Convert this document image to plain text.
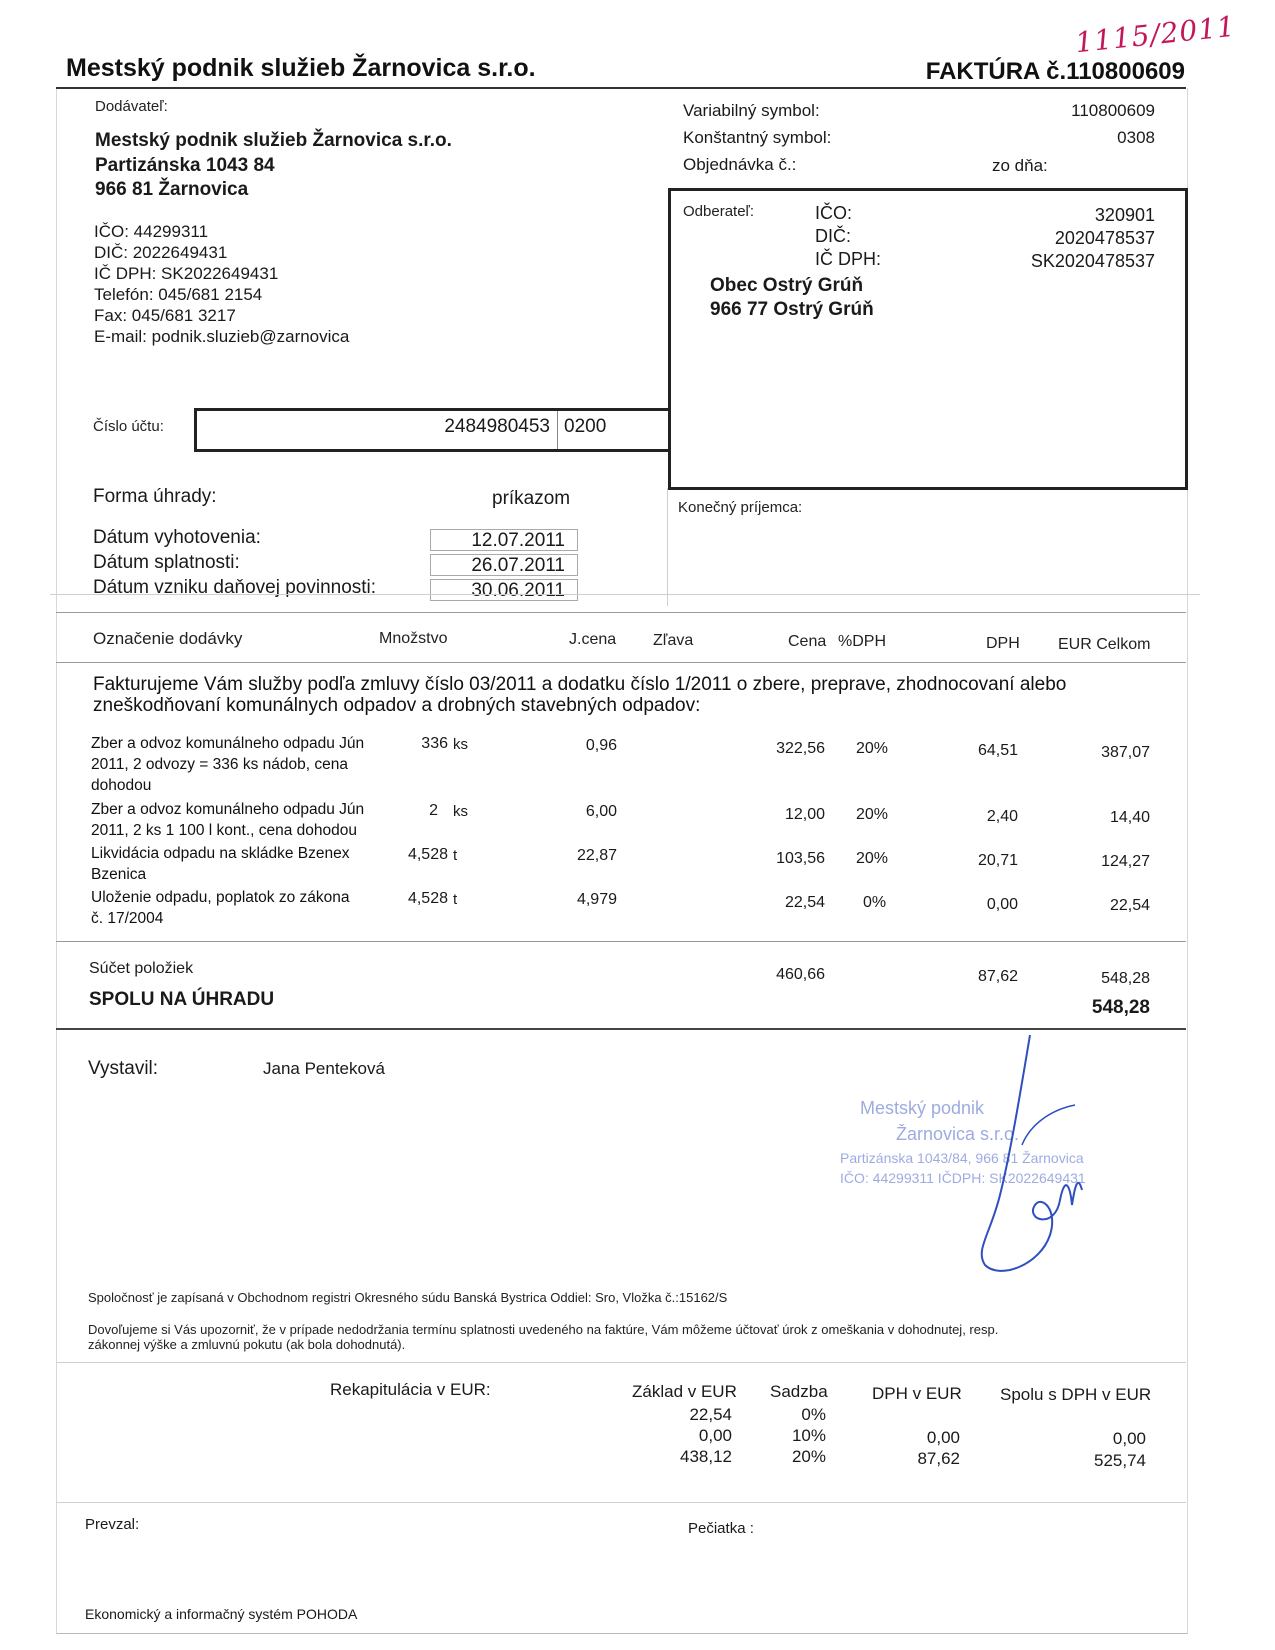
1115/2011
Mestský podnik služieb Žarnovica s.r.o.	FAKTÚRA č.110800609
Dodávateľ:
Mestský podnik služieb Žarnovica s.r.o.
Partizánska 1043 84
966 81 Žarnovica
IČO: 44299311
DIČ: 2022649431
IČ DPH: SK2022649431
Telefón: 045/681 2154
Fax: 045/681 3217
E-mail: podnik.sluzieb@zarnovica
Variabilný symbol:	110800609
Konštantný symbol:	0308
Objednávka č.:	zo dňa:
Odberateľ:	IČO:	320901
DIČ:	2020478537
IČ DPH:	SK2020478537
Obec Ostrý Grúň
966 77 Ostrý Grúň
Číslo účtu:	2484980453 0200
Forma úhrady:	príkazom
Dátum vyhotovenia:	12.07.2011
Dátum splatnosti:	26.07.2011
Dátum vzniku daňovej povinnosti:	30.06.2011
Konečný príjemca:
Označenie dodávky	Množstvo	J.cena Zľava	Cena %DPH	DPH EUR Celkom
Fakturujeme Vám služby podľa zmluvy číslo 03/2011 a dodatku číslo 1/2011 o zbere, preprave, zhodnocovaní alebo zneškodňovaní komunálnych odpadov a drobných stavebných odpadov:
Zber a odvoz komunálneho odpadu Jún
2011, 2 odvozy = 336 ks nádob, cena
dohodou
336 ks	0,96	322,56 20%	64,51	387,07
Zber a odvoz komunálneho odpadu Jún
2011, 2 ks 1 100 l kont., cena dohodou
2 ks	6,00	12,00 20%	2,40	14,40
Likvidácia odpadu na skládke Bzenex
Bzenica
4,528 t	22,87	103,56 20%	20,71	124,27
Uloženie odpadu, poplatok zo zákona
č. 17/2004
4,528 t	4,979	22,54 0%	0,00	22,54
Súčet položiek	460,66	87,62	548,28
SPOLU NA ÚHRADU	548,28
Vystavil:	Jana Penteková
Mestský podnik
Žarnovica s.r.o.
Partizánska 1043/84, 966 81 Žarnovica
IČO: 44299311 IČDPH: SK2022649431
Spoločnosť je zapísaná v Obchodnom registri Okresného súdu Banská Bystrica Oddiel: Sro, Vložka č.:15162/S
Dovoľujeme si Vás upozorniť, že v prípade nedodržania termínu splatnosti uvedeného na faktúre, Vám môžeme účtovať úrok z omeškania v dohodnutej, resp.
zákonnej výške a zmluvnú pokutu (ak bola dohodnutá).
Rekapitulácia v EUR:	Základ v EUR Sadzba	DPH v EUR Spolu s DPH v EUR
22,54	0%
0,00	10%	0,00	0,00
438,12	20%	87,62	525,74
Prevzal:	Pečiatka :
Ekonomický a informačný systém POHODA
